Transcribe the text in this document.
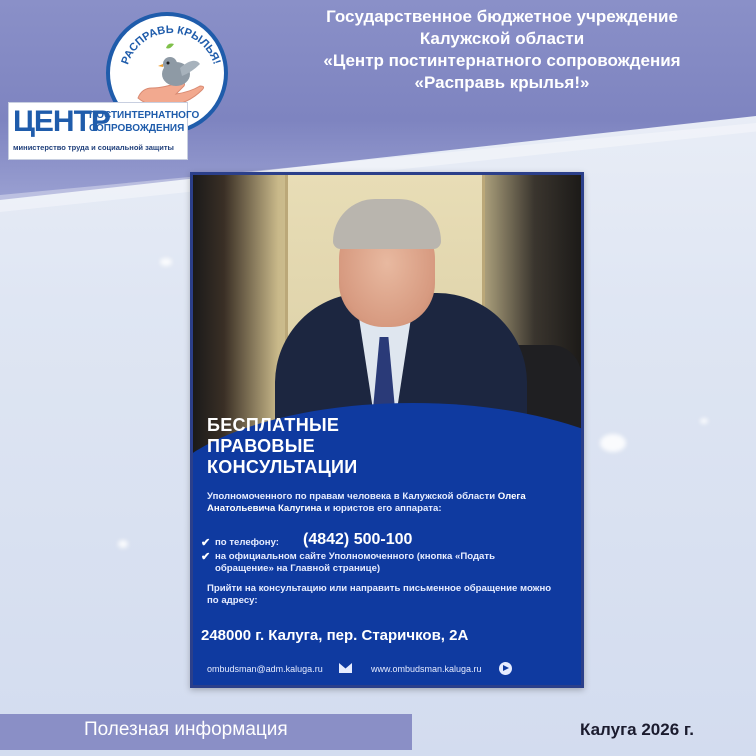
РАСПРАВЬ КРЫЛЬЯ!
ЦЕНТР
ПОСТИНТЕРНАТНОГО
СОПРОВОЖДЕНИЯ
министерство труда и социальной защиты
Государственное бюджетное учреждение
Калужской области
«Центр постинтернатного сопровождения
«Расправь крылья!»
БЕСПЛАТНЫЕ
ПРАВОВЫЕ
КОНСУЛЬТАЦИИ
Уполномоченного по правам человека в Калужской области Олега Анатольевича Калугина и юристов его аппарата:
✔ по телефону: (4842) 500-100
✔ на официальном сайте Уполномоченного (кнопка «Подать обращение» на Главной странице)
Прийти на консультацию или направить письменное обращение можно по адресу:
248000 г. Калуга, пер. Старичков, 2А
ombudsman@adm.kaluga.ru	www.ombudsman.kaluga.ru
Полезная информация	Калуга 2026 г.
